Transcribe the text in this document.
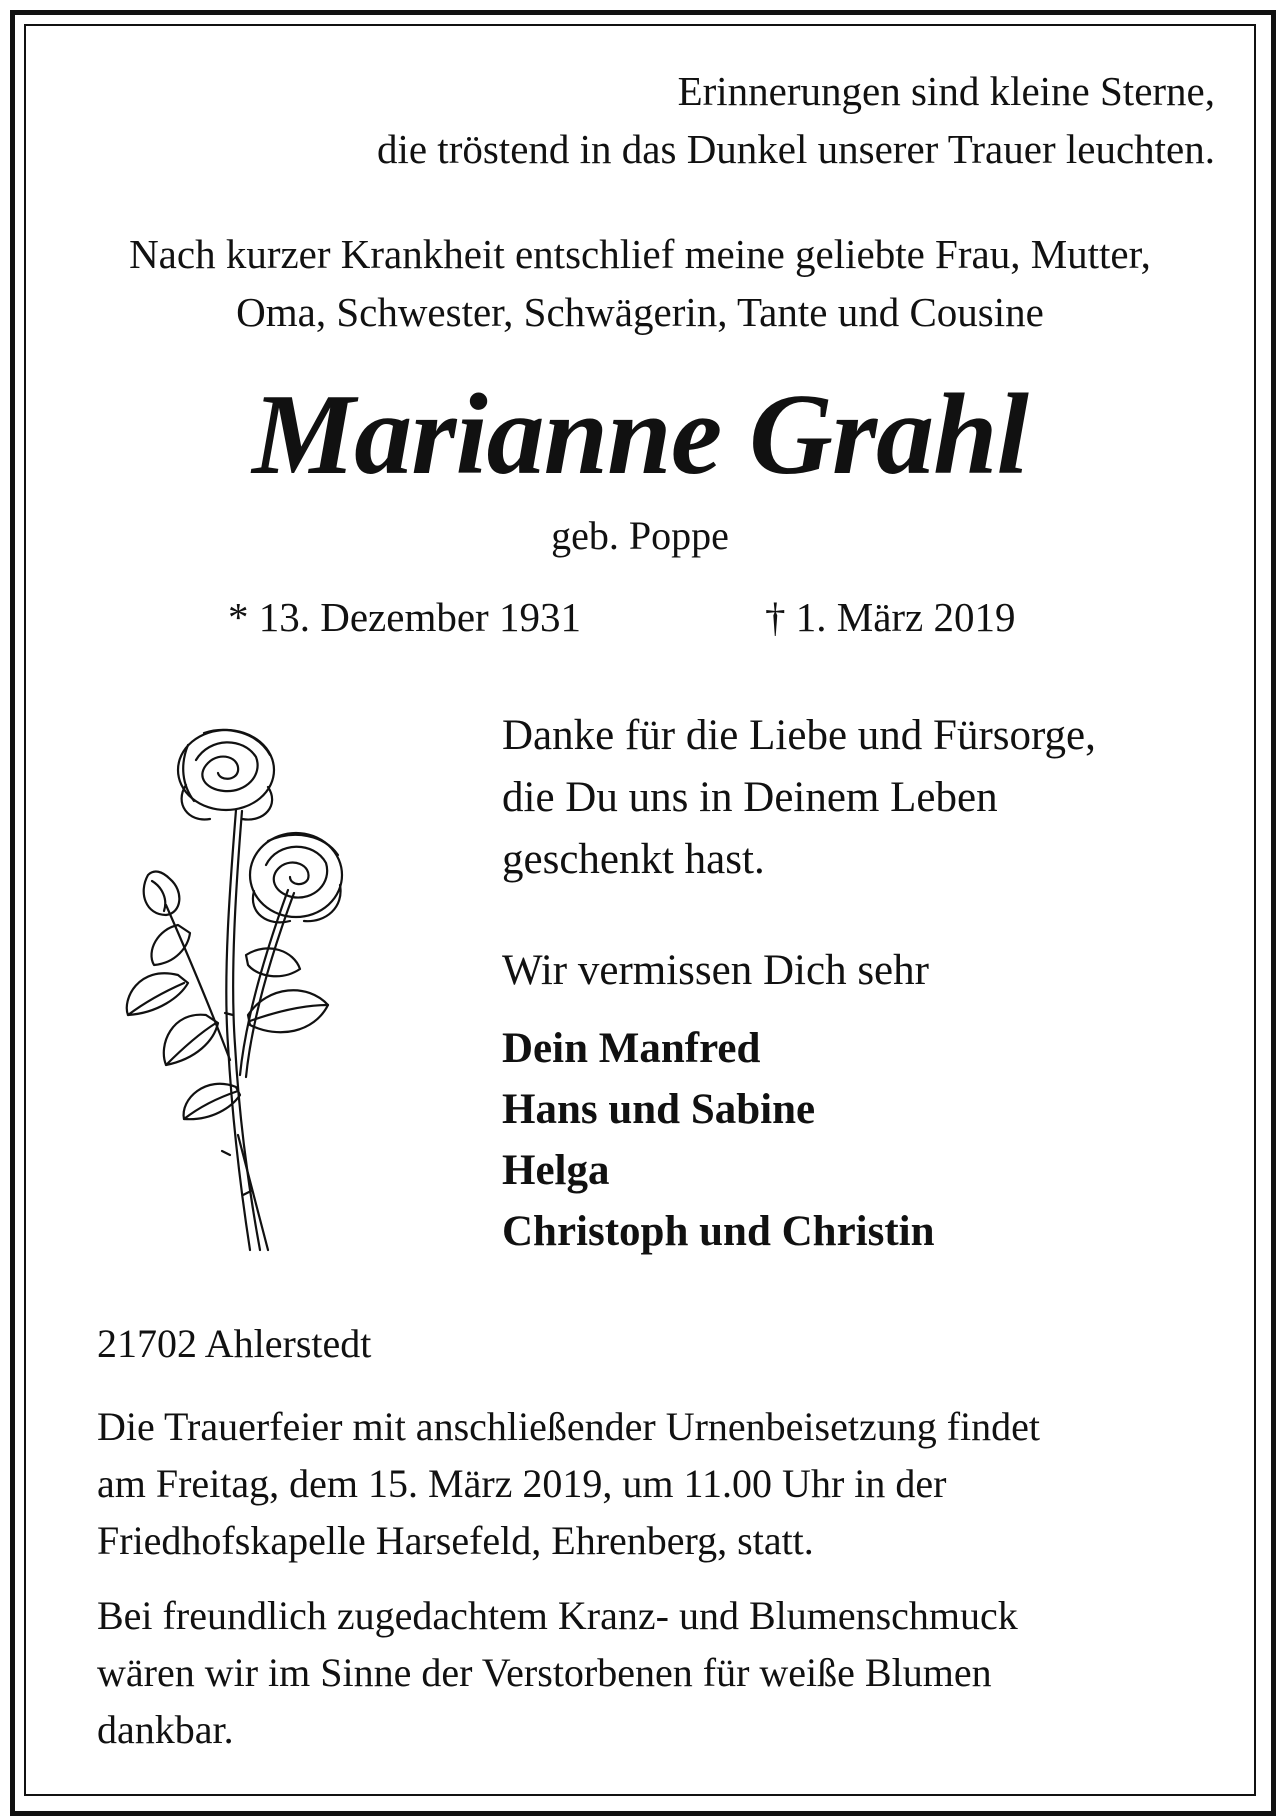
Erinnerungen sind kleine Sterne,
die tröstend in das Dunkel unserer Trauer leuchten.
Nach kurzer Krankheit entschlief meine geliebte Frau, Mutter,
Oma, Schwester, Schwägerin, Tante und Cousine
Marianne Grahl
geb. Poppe
* 13. Dezember 1931	† 1. März 2019
Danke für die Liebe und Fürsorge,
die Du uns in Deinem Leben
geschenkt hast.
Wir vermissen Dich sehr
Dein Manfred
Hans und Sabine
Helga
Christoph und Christin
21702 Ahlerstedt
Die Trauerfeier mit anschließender Urnenbeisetzung findet
am Freitag, dem 15. März 2019, um 11.00 Uhr in der
Friedhofskapelle Harsefeld, Ehrenberg, statt.
Bei freundlich zugedachtem Kranz- und Blumenschmuck
wären wir im Sinne der Verstorbenen für weiße Blumen
dankbar.
